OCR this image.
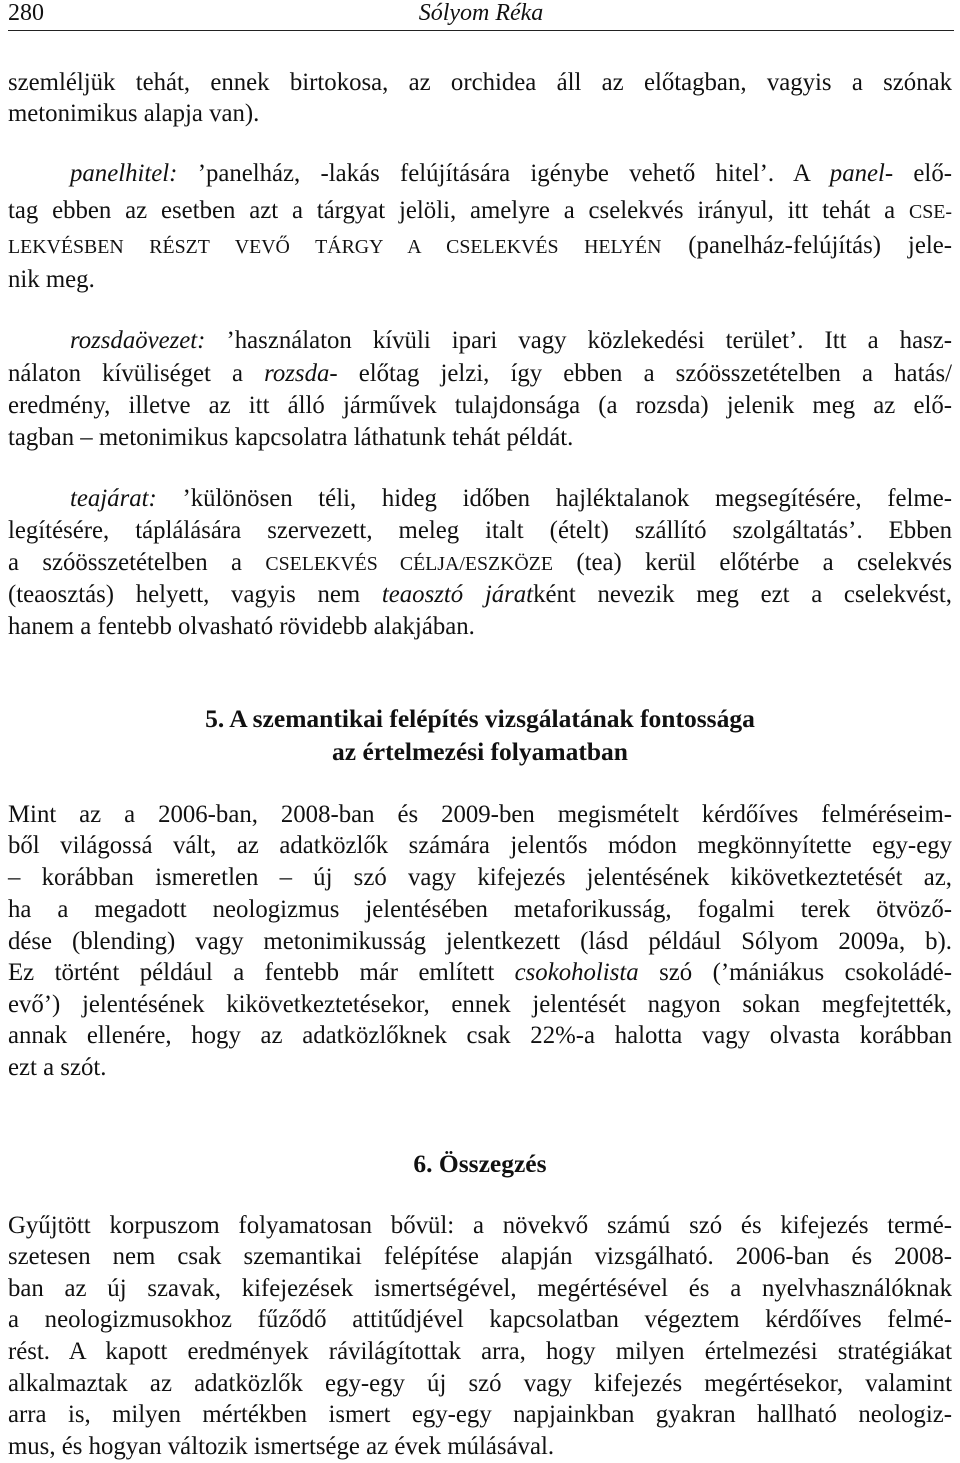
280	Sólyom Réka
szemléljük tehát, ennek birtokosa, az orchidea áll az előtagban, vagyis a szónak
metonimikus alapja van).
panelhitel: ’panelház, -lakás felújítására igénybe vehető hitel’. A panel- elő-
tag ebben az esetben azt a tárgyat jelöli, amelyre a cselekvés irányul, itt tehát a CSE-
LEKVÉSBEN RÉSZT VEVŐ TÁRGY A CSELEKVÉS HELYÉN (panelház-felújítás) jele-
nik meg.
rozsdaövezet: ’használaton kívüli ipari vagy közlekedési terület’. Itt a hasz-
nálaton kívüliséget a rozsda- előtag jelzi, így ebben a szóösszetételben a hatás/
eredmény, illetve az itt álló járművek tulajdonsága (a rozsda) jelenik meg az elő-
tagban – metonimikus kapcsolatra láthatunk tehát példát.
teajárat: ’különösen téli, hideg időben hajléktalanok megsegítésére, felme-
legítésére, táplálására szervezett, meleg italt (ételt) szállító szolgáltatás’. Ebben
a szóösszetételben a CSELEKVÉS CÉLJA/ESZKÖZE (tea) kerül előtérbe a cselekvés
(teaosztás) helyett, vagyis nem teaosztó járatként nevezik meg ezt a cselekvést,
hanem a fentebb olvasható rövidebb alakjában.
5. A szemantikai felépítés vizsgálatának fontossága
az értelmezési folyamatban
Mint az a 2006-ban, 2008-ban és 2009-ben megismételt kérdőíves felméréseim-
ből világossá vált, az adatközlők számára jelentős módon megkönnyítette egy-egy
– korábban ismeretlen – új szó vagy kifejezés jelentésének kikövetkeztetését az,
ha a megadott neologizmus jelentésében metaforikusság, fogalmi terek ötvöző-
dése (blending) vagy metonimikusság jelentkezett (lásd például Sólyom 2009a, b).
Ez történt például a fentebb már említett csokoholista szó (’mániákus csokoládé-
evő’) jelentésének kikövetkeztetésekor, ennek jelentését nagyon sokan megfejtették,
annak ellenére, hogy az adatközlőknek csak 22%-a halotta vagy olvasta korábban
ezt a szót.
6. Összegzés
Gyűjtött korpuszom folyamatosan bővül: a növekvő számú szó és kifejezés termé-
szetesen nem csak szemantikai felépítése alapján vizsgálható. 2006-ban és 2008-
ban az új szavak, kifejezések ismertségével, megértésével és a nyelvhasználóknak
a neologizmusokhoz fűződő attitűdjével kapcsolatban végeztem kérdőíves felmé-
rést. A kapott eredmények rávilágítottak arra, hogy milyen értelmezési stratégiákat
alkalmaztak az adatközlők egy-egy új szó vagy kifejezés megértésekor, valamint
arra is, milyen mértékben ismert egy-egy napjainkban gyakran hallható neologiz-
mus, és hogyan változik ismertsége az évek múlásával.
